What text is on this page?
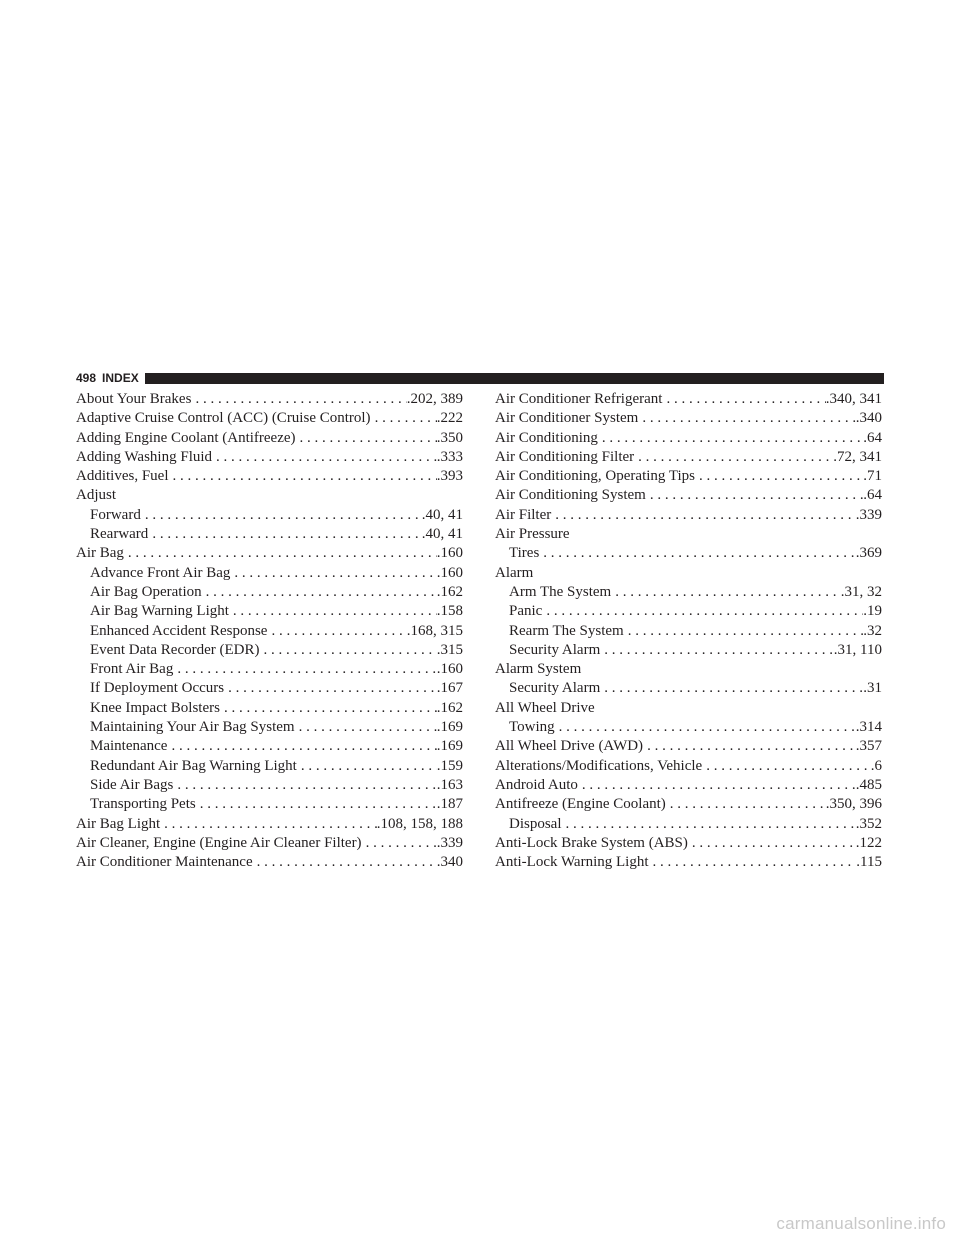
498 INDEX
About Your Brakes . . .	.202, 389
Adaptive Cruise Control (ACC) (Cruise Control) . . .	.222
Adding Engine Coolant (Antifreeze) . . .	.350
Adding Washing Fluid . . .	.333
Additives, Fuel . . .	.393
Adjust
Forward . . .	.40, 41
Rearward . . .	.40, 41
Air Bag . . .	.160
Advance Front Air Bag . . .	.160
Air Bag Operation . . .	.162
Air Bag Warning Light . . .	.158
Enhanced Accident Response . . .	.168, 315
Event Data Recorder (EDR) . . .	.315
Front Air Bag . . .	.160
If Deployment Occurs . . .	.167
Knee Impact Bolsters . . .	.162
Maintaining Your Air Bag System . . .	.169
Maintenance . . .	.169
Redundant Air Bag Warning Light . . .	.159
Side Air Bags . . .	.163
Transporting Pets . . .	.187
Air Bag Light . . .	.108, 158, 188
Air Cleaner, Engine (Engine Air Cleaner Filter) . . .	.339
Air Conditioner Maintenance . . .	.340
Air Conditioner Refrigerant . . .	.340, 341
Air Conditioner System . . .	.340
Air Conditioning . . .	.64
Air Conditioning Filter . . .	.72, 341
Air Conditioning, Operating Tips . . .	.71
Air Conditioning System . . .	.64
Air Filter . . .	.339
Air Pressure
Tires . . .	.369
Alarm
Arm The System . . .	.31, 32
Panic . . .	.19
Rearm The System . . .	.32
Security Alarm . . .	.31, 110
Alarm System
Security Alarm . . .	.31
All Wheel Drive
Towing . . .	.314
All Wheel Drive (AWD) . . .	.357
Alterations/Modifications, Vehicle . . .	.6
Android Auto . . .	.485
Antifreeze (Engine Coolant) . . .	.350, 396
Disposal . . .	.352
Anti-Lock Brake System (ABS) . . .	.122
Anti-Lock Warning Light . . .	.115
carmanualsonline.info
